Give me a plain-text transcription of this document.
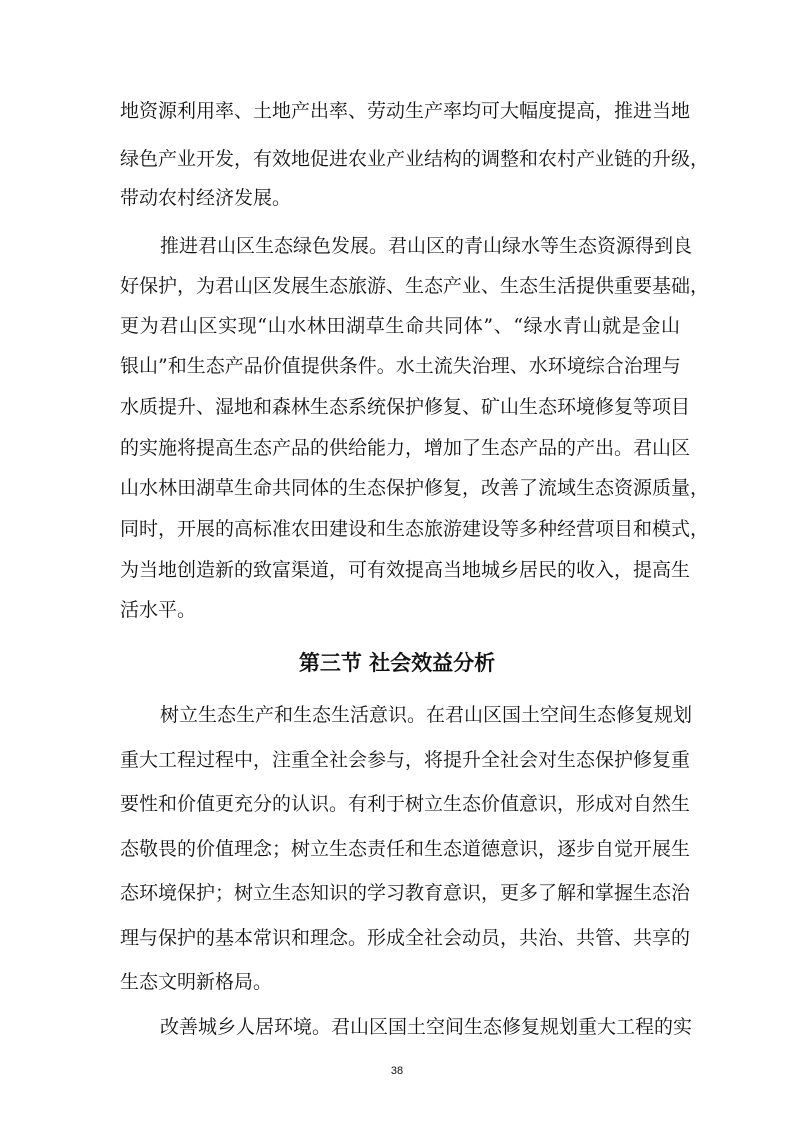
地资源利用率、土地产出率、劳动生产率均可大幅度提高，推进当地
绿色产业开发，有效地促进农业产业结构的调整和农村产业链的升级，
带动农村经济发展。
推进君山区生态绿色发展。君山区的青山绿水等生态资源得到良
好保护，为君山区发展生态旅游、生态产业、生态生活提供重要基础，
更为君山区实现“山水林田湖草生命共同体”、“绿水青山就是金山
银山”和生态产品价值提供条件。水土流失治理、水环境综合治理与
水质提升、湿地和森林生态系统保护修复、矿山生态环境修复等项目
的实施将提高生态产品的供给能力，增加了生态产品的产出。君山区
山水林田湖草生命共同体的生态保护修复，改善了流域生态资源质量，
同时，开展的高标准农田建设和生态旅游建设等多种经营项目和模式，
为当地创造新的致富渠道，可有效提高当地城乡居民的收入，提高生
活水平。
第三节 社会效益分析
树立生态生产和生态生活意识。在君山区国土空间生态修复规划
重大工程过程中，注重全社会参与，将提升全社会对生态保护修复重
要性和价值更充分的认识。有利于树立生态价值意识，形成对自然生
态敬畏的价值理念；树立生态责任和生态道德意识，逐步自觉开展生
态环境保护；树立生态知识的学习教育意识，更多了解和掌握生态治
理与保护的基本常识和理念。形成全社会动员，共治、共管、共享的
生态文明新格局。
改善城乡人居环境。君山区国土空间生态修复规划重大工程的实
38
